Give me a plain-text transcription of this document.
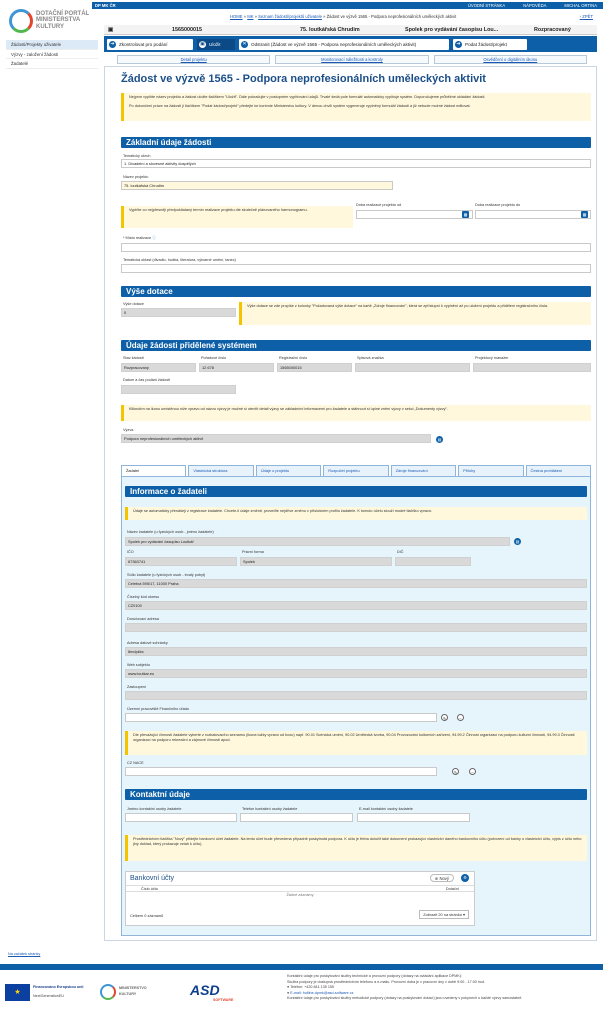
DOTAČNÍ PORTÁL
MINISTERSTVA
KULTURY
DP MK ČR	ÚVODNÍ STRÁNKA	NÁPOVĚDA	MICHAL ORTINA
HOME » MK » Seznam žádostí/projektů uživatele » Žádost ve výzvě 1565 - Podpora neprofesionálních uměleckých aktivit	‹ ZPĚT
Žádosti/Projekty uživatele
Výzvy - založení žádosti
Žadatelé
▣	1565000015	75. loutkářská Chrudim	Spolek pro vydávání časopisu Lou...	Rozpracovaný
➔ Zkontrolovat pro podání	▣ Uložit	✕ Odstranit (Žádost ve výzvě 1565 - Podpora neprofesionálních uměleckých aktivit)	➔ Podat žádost/projekt
Detail projektu	Monitorovací náležitosti a kontroly	Osvědčení o digitálním úkonu
Žádost ve výzvě 1565 - Podpora neprofesionálních uměleckých aktivit
Nejprve vyplňte název projektu a žádost uložte tlačítkem "Uložit". Dále pokračujte v postupném vyplňování údajů. Trvalé šedá pole formulář automaticky vyplňuje systém. Doporučujeme průběžné ukládání žádosti.
Po dokončení práce na žádosti ji tlačítkem "Podat žádost/projekt" předejte ke kontrole Ministerstvu kultury. V denou chvíli systém vygeneruje vyplněný formulář žádosti a již nebude možné žádost editovat.
Základní údaje žádosti
Tematický okruh
1. Divadelní a slovesné aktivity dospělých
Název projektu
75. loutkářská Chrudim
Vyplňte co nejpřesněji předpokládaný termín realizace projektu dle skutečně plánovaného harmonogramu.
Doba realizace projektu od
▦
Doba realizace projektu do
▦
* Místo realizace ⓘ
Tematická oblast (divadlo, hudba, literatura, výtvarné umění, tanec)
Výše dotace
Výše dotace
0
Výše dotace se zde propíše z kolonky "Požadovaná výše dotace" na kartě „Zdroje financování", která se zpřístupní k vyplnění až po uložení projektu a přidělení registračního čísla.
Údaje žádosti přidělené systémem
Stav žádosti
Rozpracovaný
Pořadové číslo
12 678
Registrační číslo
1565000015
Spisová značka	Projektový manažer
Datum a čas podání žádosti
Kliknutím na ikonu umístěnou níže vpravo od názvu výzvy je možné si otevřít detail výzvy se základními informacemi pro žadatele a stáhnout si úplné znění výzvy v sekci „Dokumenty výzvy".
Výzva
Podpora neprofesionálních uměleckých aktivit	▤
Žadatel	Vlastnická struktura	Údaje o projektu	Rozpočet projektu	Zdroje financování	Přílohy	Čestná prohlášení
Informace o žadateli
Údaje se automaticky přenášejí z registrace žadatele. Chcete-li údaje změnit, proveďte nejdříve změnu v příslušném profilu žadatele. K tomuto účelu slouží modré tlačítko vpravo.
Název žadatele (u fyzických osob - jméno žadatele)
Spolek pro vydávání časopisu Loutkář	▤
IČO
67363741
Právní forma
Spolek
DIČ
Sídlo žadatele (u fyzických osob - trvalý pobyt)
Celetná 595/17, 11000 Praha
Číselný kód okresu
CZ0100
Doručovací adresa
Adresa datové schránky
8mdpkbc
Web subjektu
www.loutkar.eu
Zastoupení
Územní pracoviště Finančního úřadu
✎	−
Dle převažující činnosti žadatele vyberte z rozbalovacího seznamu (ikona tužky vpravo od boxu) např. 90.01 Scénická umění, 90.02 Umělecká tvorba, 90.04 Provozování kulturních zařízení, 94.99.2 Činnost organizací na podporu kulturní činnosti, 94.99.3 Činnosti organizací na podporu rekreační a zájmové činnosti apod.
CZ NACE
✎	−
Kontaktní údaje
Jméno kontaktní osoby žadatele	Telefon kontaktní osoby žadatele	E-mail kontaktní osoby žadatele
Prostřednictvím tlačítka "Nový" přidejte bankovní účet žadatele. Na tento účet bude převedena případně poskytnutá podpora. K účtu je třeba doložit také dokument prokazující vlastnictví daného bankovního účtu (potvrzení od banky o vlastnictví účtu, výpis z účtu nebo jiný doklad, který prokazuje vztah k účtu).
Bankovní účty	⊕ Nový	⚙
Číslo účtu	Dotační
Žádné záznamy
Celkem 0 záznamů	Zobrazit 20 na stránku ▾
Na začátek stránky
★
Financováno Evropskou unií
NextGenerationEU
MINISTERSTVO KULTURY	ASD
SOFTWARE
Kontaktní údaje pro poskytování služby technické a provozní podpory (dotazy na ovládání aplikace DPMK):
Služba podpory je dostupná prostřednictvím telefonu a e-mailu. Provozní doba je v pracovní dny v době 9:00 - 17:00 hod.
● Telefon: +420 841 135 155
● E-mail: hotline-dpmk@asd-software.cz
Kontaktní údaje pro poskytování služby metodické podpory (dotazy na poskytování dotací) jsou uvedeny v pokynech u každé výzvy samostatně.
